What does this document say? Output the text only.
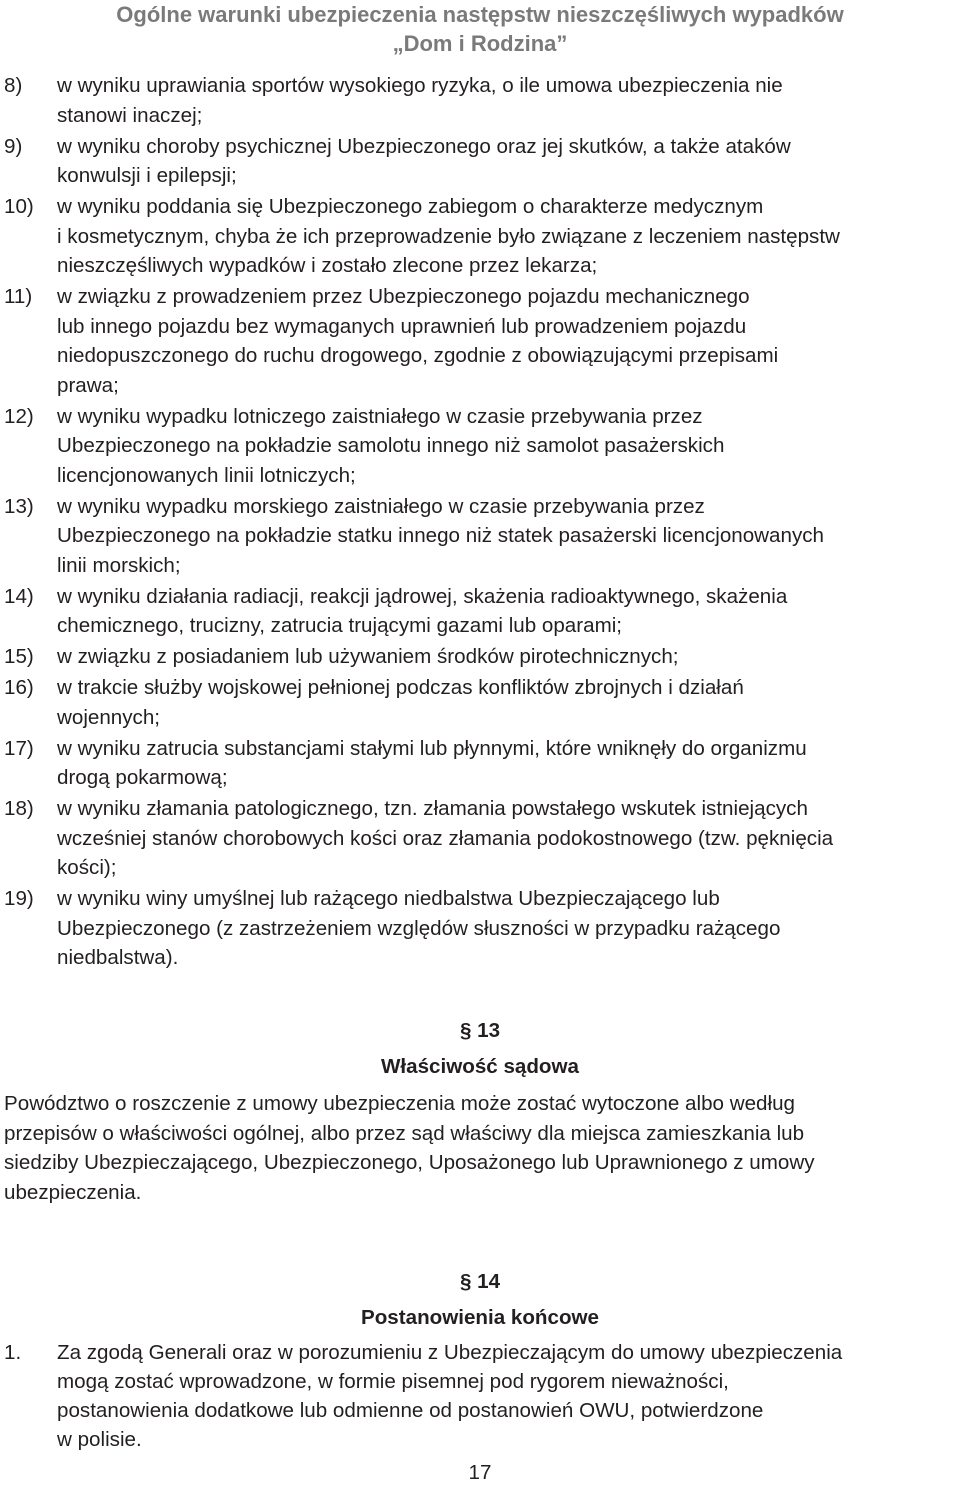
Ogólne warunki ubezpieczenia następstw nieszczęśliwych wypadków
„Dom i Rodzina”
8) w wyniku uprawiania sportów wysokiego ryzyka, o ile umowa ubezpieczenia nie
stanowi inaczej;
9) w wyniku choroby psychicznej Ubezpieczonego oraz jej skutków, a także ataków
konwulsji i epilepsji;
10) w wyniku poddania się Ubezpieczonego zabiegom o charakterze medycznym
i kosmetycznym, chyba że ich przeprowadzenie było związane z leczeniem następstw
nieszczęśliwych wypadków i zostało zlecone przez lekarza;
11) w związku z prowadzeniem przez Ubezpieczonego pojazdu mechanicznego
lub innego pojazdu bez wymaganych uprawnień lub prowadzeniem pojazdu
niedopuszczonego do ruchu drogowego, zgodnie z obowiązującymi przepisami
prawa;
12) w wyniku wypadku lotniczego zaistniałego w czasie przebywania przez
Ubezpieczonego na pokładzie samolotu innego niż samolot pasażerskich
licencjonowanych linii lotniczych;
13) w wyniku wypadku morskiego zaistniałego w czasie przebywania przez
Ubezpieczonego na pokładzie statku innego niż statek pasażerski licencjonowanych
linii morskich;
14) w wyniku działania radiacji, reakcji jądrowej, skażenia radioaktywnego, skażenia
chemicznego, trucizny, zatrucia trującymi gazami lub oparami;
15) w związku z posiadaniem lub używaniem środków pirotechnicznych;
16) w trakcie służby wojskowej pełnionej podczas konfliktów zbrojnych i działań
wojennych;
17) w wyniku zatrucia substancjami stałymi lub płynnymi, które wniknęły do organizmu
drogą pokarmową;
18) w wyniku złamania patologicznego, tzn. złamania powstałego wskutek istniejących
wcześniej stanów chorobowych kości oraz złamania podokostnowego (tzw. pęknięcia
kości);
19) w wyniku winy umyślnej lub rażącego niedbalstwa Ubezpieczającego lub
Ubezpieczonego (z zastrzeżeniem względów słuszności w przypadku rażącego
niedbalstwa).
§ 13
Właściwość sądowa
Powództwo o roszczenie z umowy ubezpieczenia może zostać wytoczone albo według
przepisów o właściwości ogólnej, albo przez sąd właściwy dla miejsca zamieszkania lub
siedziby Ubezpieczającego, Ubezpieczonego, Uposażonego lub Uprawnionego z umowy
ubezpieczenia.
§ 14
Postanowienia końcowe
1. Za zgodą Generali oraz w porozumieniu z Ubezpieczającym do umowy ubezpieczenia
mogą zostać wprowadzone, w formie pisemnej pod rygorem nieważności,
postanowienia dodatkowe lub odmienne od postanowień OWU, potwierdzone
w polisie.
17
